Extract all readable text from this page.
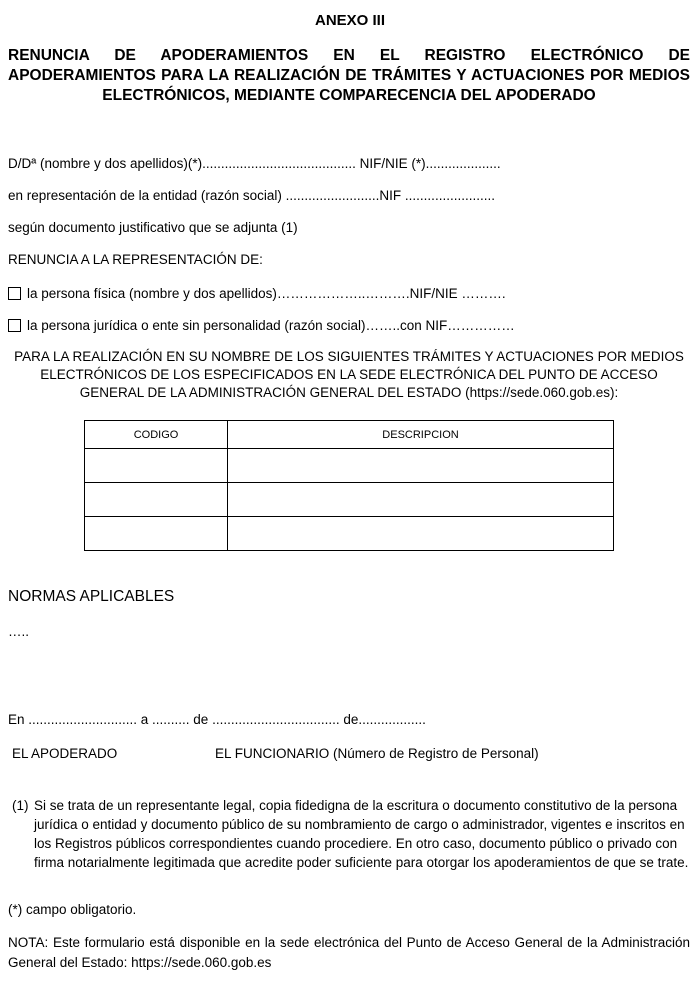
ANEXO III
RENUNCIA DE APODERAMIENTOS EN EL REGISTRO ELECTRÓNICO DE APODERAMIENTOS PARA LA REALIZACIÓN DE TRÁMITES Y ACTUACIONES POR MEDIOS ELECTRÓNICOS, MEDIANTE COMPARECENCIA DEL APODERADO
D/Dª (nombre y dos apellidos)(*)......................................... NIF/NIE (*)....................
en representación de la entidad (razón social) .........................NIF ........................
según documento justificativo que se adjunta (1)
RENUNCIA A LA REPRESENTACIÓN DE:
la persona física (nombre y dos apellidos)………………..……….NIF/NIE ……….
la persona jurídica o ente sin personalidad (razón social)……..con NIF……………
PARA LA REALIZACIÓN EN SU NOMBRE DE LOS SIGUIENTES TRÁMITES Y ACTUACIONES POR MEDIOS ELECTRÓNICOS DE LOS ESPECIFICADOS EN LA SEDE ELECTRÓNICA DEL PUNTO DE ACCESO GENERAL DE LA ADMINISTRACIÓN GENERAL DEL ESTADO (https://sede.060.gob.es):
CODIGO	DESCRIPCION

NORMAS APLICABLES
…..
En ............................. a .......... de .................................. de..................
EL APODERADO	EL FUNCIONARIO (Número de Registro de Personal)
(1) Si se trata de un representante legal, copia fidedigna de la escritura o documento constitutivo de la persona jurídica o entidad y documento público de su nombramiento de cargo o administrador, vigentes e inscritos en los Registros públicos correspondientes cuando procediere. En otro caso, documento público o privado con firma notarialmente legitimada que acredite poder suficiente para otorgar los apoderamientos de que se trate.
(*) campo obligatorio.
NOTA: Este formulario está disponible en la sede electrónica del Punto de Acceso General de la Administración General del Estado: https://sede.060.gob.es
